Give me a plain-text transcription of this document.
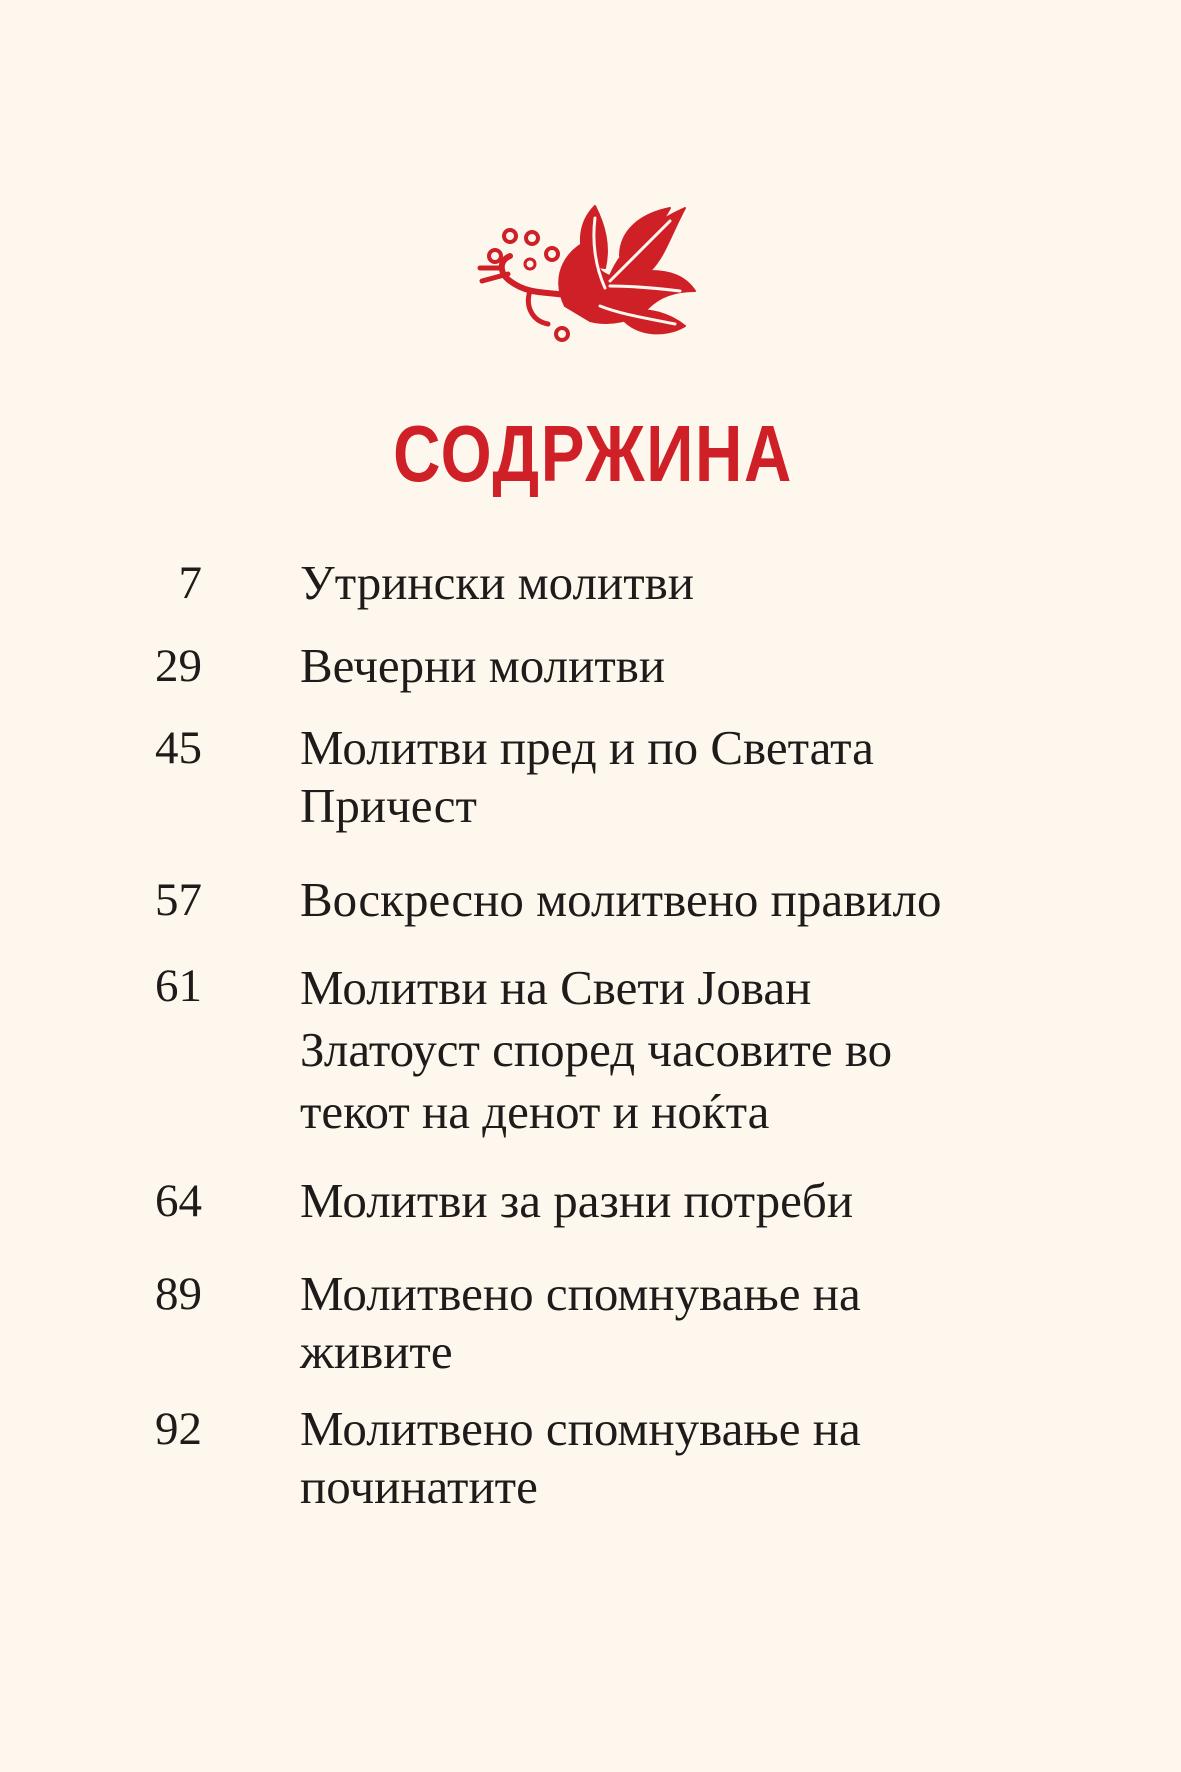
СОДРЖИНА
7 Утрински молитви
29 Вечерни молитви
45 Молитви пред и по Светата
Причест
57 Воскресно молитвено правило
61 Молитви на Свети Јован
Златоуст според часовите во
текот на денот и ноќта
64 Молитви за разни потреби
89 Молитвено спомнување на
живите
92 Молитвено спомнување на
починатите
